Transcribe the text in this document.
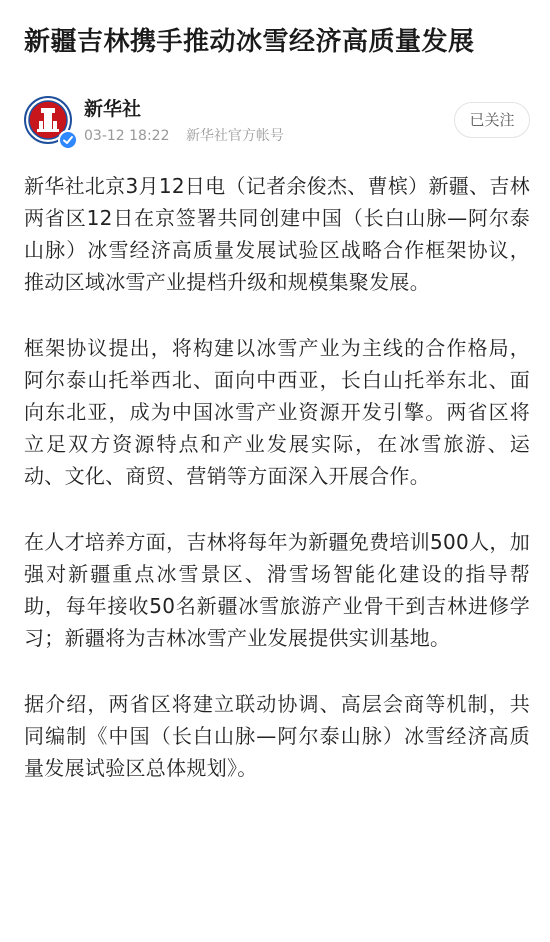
新疆吉林携手推动冰雪经济高质量发展
新华社
03-12 18:22 新华社官方帐号
已关注

新华社北京3月12日电（记者余俊杰、曹槟）新疆、吉林两省区12日在京签署共同创建中国（长白山脉—阿尔泰山脉）冰雪经济高质量发展试验区战略合作框架协议，推动区域冰雪产业提档升级和规模集聚发展。

框架协议提出，将构建以冰雪产业为主线的合作格局，阿尔泰山托举西北、面向中西亚，长白山托举东北、面向东北亚，成为中国冰雪产业资源开发引擎。两省区将立足双方资源特点和产业发展实际，在冰雪旅游、运动、文化、商贸、营销等方面深入开展合作。

在人才培养方面，吉林将每年为新疆免费培训500人，加强对新疆重点冰雪景区、滑雪场智能化建设的指导帮助，每年接收50名新疆冰雪旅游产业骨干到吉林进修学习；新疆将为吉林冰雪产业发展提供实训基地。

据介绍，两省区将建立联动协调、高层会商等机制，共同编制《中国（长白山脉—阿尔泰山脉）冰雪经济高质量发展试验区总体规划》。
